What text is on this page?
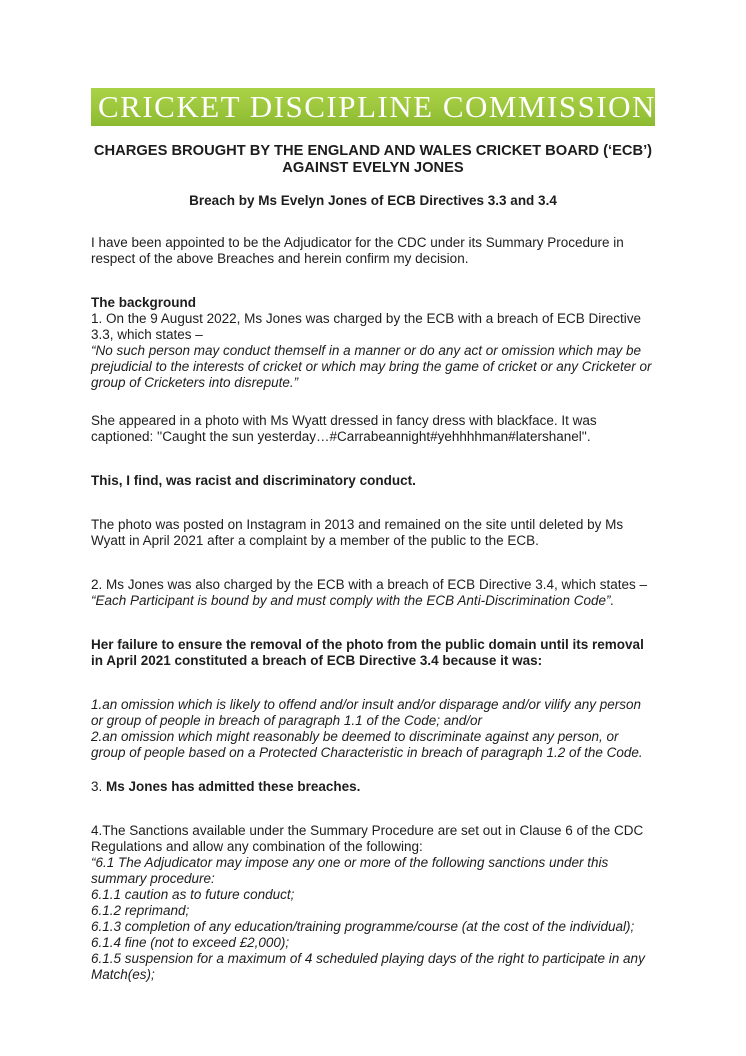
CRICKET DISCIPLINE COMMISSION
CHARGES BROUGHT BY THE ENGLAND AND WALES CRICKET BOARD (‘ECB’) AGAINST EVELYN JONES
Breach by Ms Evelyn Jones of ECB Directives 3.3 and 3.4

I have been appointed to be the Adjudicator for the CDC under its Summary Procedure in respect of the above Breaches and herein confirm my decision.

The background

1. On the 9 August 2022, Ms Jones was charged by the ECB with a breach of ECB Directive 3.3, which states –

“No such person may conduct themself in a manner or do any act or omission which may be prejudicial to the interests of cricket or which may bring the game of cricket or any Cricketer or group of Cricketers into disrepute.”

She appeared in a photo with Ms Wyatt dressed in fancy dress with blackface. It was captioned: ''Caught the sun yesterday…#Carrabeannight#yehhhhman#latershanel''.

This, I find, was racist and discriminatory conduct.

The photo was posted on Instagram in 2013 and remained on the site until deleted by Ms Wyatt in April 2021 after a complaint by a member of the public to the ECB.

2. Ms Jones was also charged by the ECB with a breach of ECB Directive 3.4, which states –

“Each Participant is bound by and must comply with the ECB Anti-Discrimination Code”.

Her failure to ensure the removal of the photo from the public domain until its removal in April 2021 constituted a breach of ECB Directive 3.4 because it was:

1.an omission which is likely to offend and/or insult and/or disparage and/or vilify any person or group of people in breach of paragraph 1.1 of the Code; and/or

2.an omission which might reasonably be deemed to discriminate against any person, or group of people based on a Protected Characteristic in breach of paragraph 1.2 of the Code.

3. Ms Jones has admitted these breaches.

4.The Sanctions available under the Summary Procedure are set out in Clause 6 of the CDC Regulations and allow any combination of the following:

“6.1 The Adjudicator may impose any one or more of the following sanctions under this summary procedure:

6.1.1 caution as to future conduct;

6.1.2 reprimand;

6.1.3 completion of any education/training programme/course (at the cost of the individual);

6.1.4 fine (not to exceed £2,000);

6.1.5 suspension for a maximum of 4 scheduled playing days of the right to participate in any Match(es);
